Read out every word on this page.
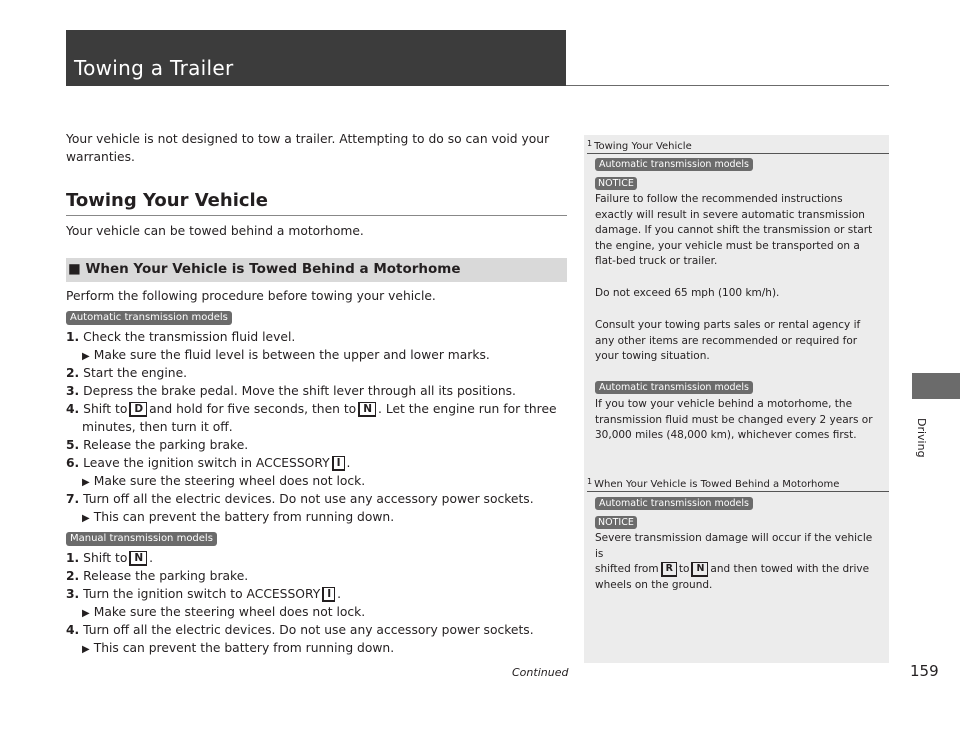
Towing a Trailer
Driving
Your vehicle is not designed to tow a trailer. Attempting to do so can void your warranties.
Towing Your Vehicle
Your vehicle can be towed behind a motorhome.
■ When Your Vehicle is Towed Behind a Motorhome
Perform the following procedure before towing your vehicle.
Automatic transmission models
1. Check the transmission fluid level.
▶ Make sure the fluid level is between the upper and lower marks.
2. Start the engine.
3. Depress the brake pedal. Move the shift lever through all its positions.
4. Shift to D and hold for five seconds, then to N . Let the engine run for three
minutes, then turn it off.
5. Release the parking brake.
6. Leave the ignition switch in ACCESSORY I .
▶ Make sure the steering wheel does not lock.
7. Turn off all the electric devices. Do not use any accessory power sockets.
▶ This can prevent the battery from running down.
Manual transmission models
1. Shift to N .
2. Release the parking brake.
3. Turn the ignition switch to ACCESSORY I .
▶ Make sure the steering wheel does not lock.
4. Turn off all the electric devices. Do not use any accessory power sockets.
▶ This can prevent the battery from running down.
Continued	159
$^1$ Towing Your Vehicle
Automatic transmission models
NOTICE
Failure to follow the recommended instructions
exactly will result in severe automatic transmission
damage. If you cannot shift the transmission or start
the engine, your vehicle must be transported on a
flat-bed truck or trailer.
Do not exceed 65 mph (100 km/h).
Consult your towing parts sales or rental agency if
any other items are recommended or required for
your towing situation.
Automatic transmission models
If you tow your vehicle behind a motorhome, the
transmission fluid must be changed every 2 years or
30,000 miles (48,000 km), whichever comes first.
$^1$ When Your Vehicle is Towed Behind a Motorhome
Automatic transmission models
NOTICE
Severe transmission damage will occur if the vehicle is
shifted from R to N and then towed with the drive
wheels on the ground.
